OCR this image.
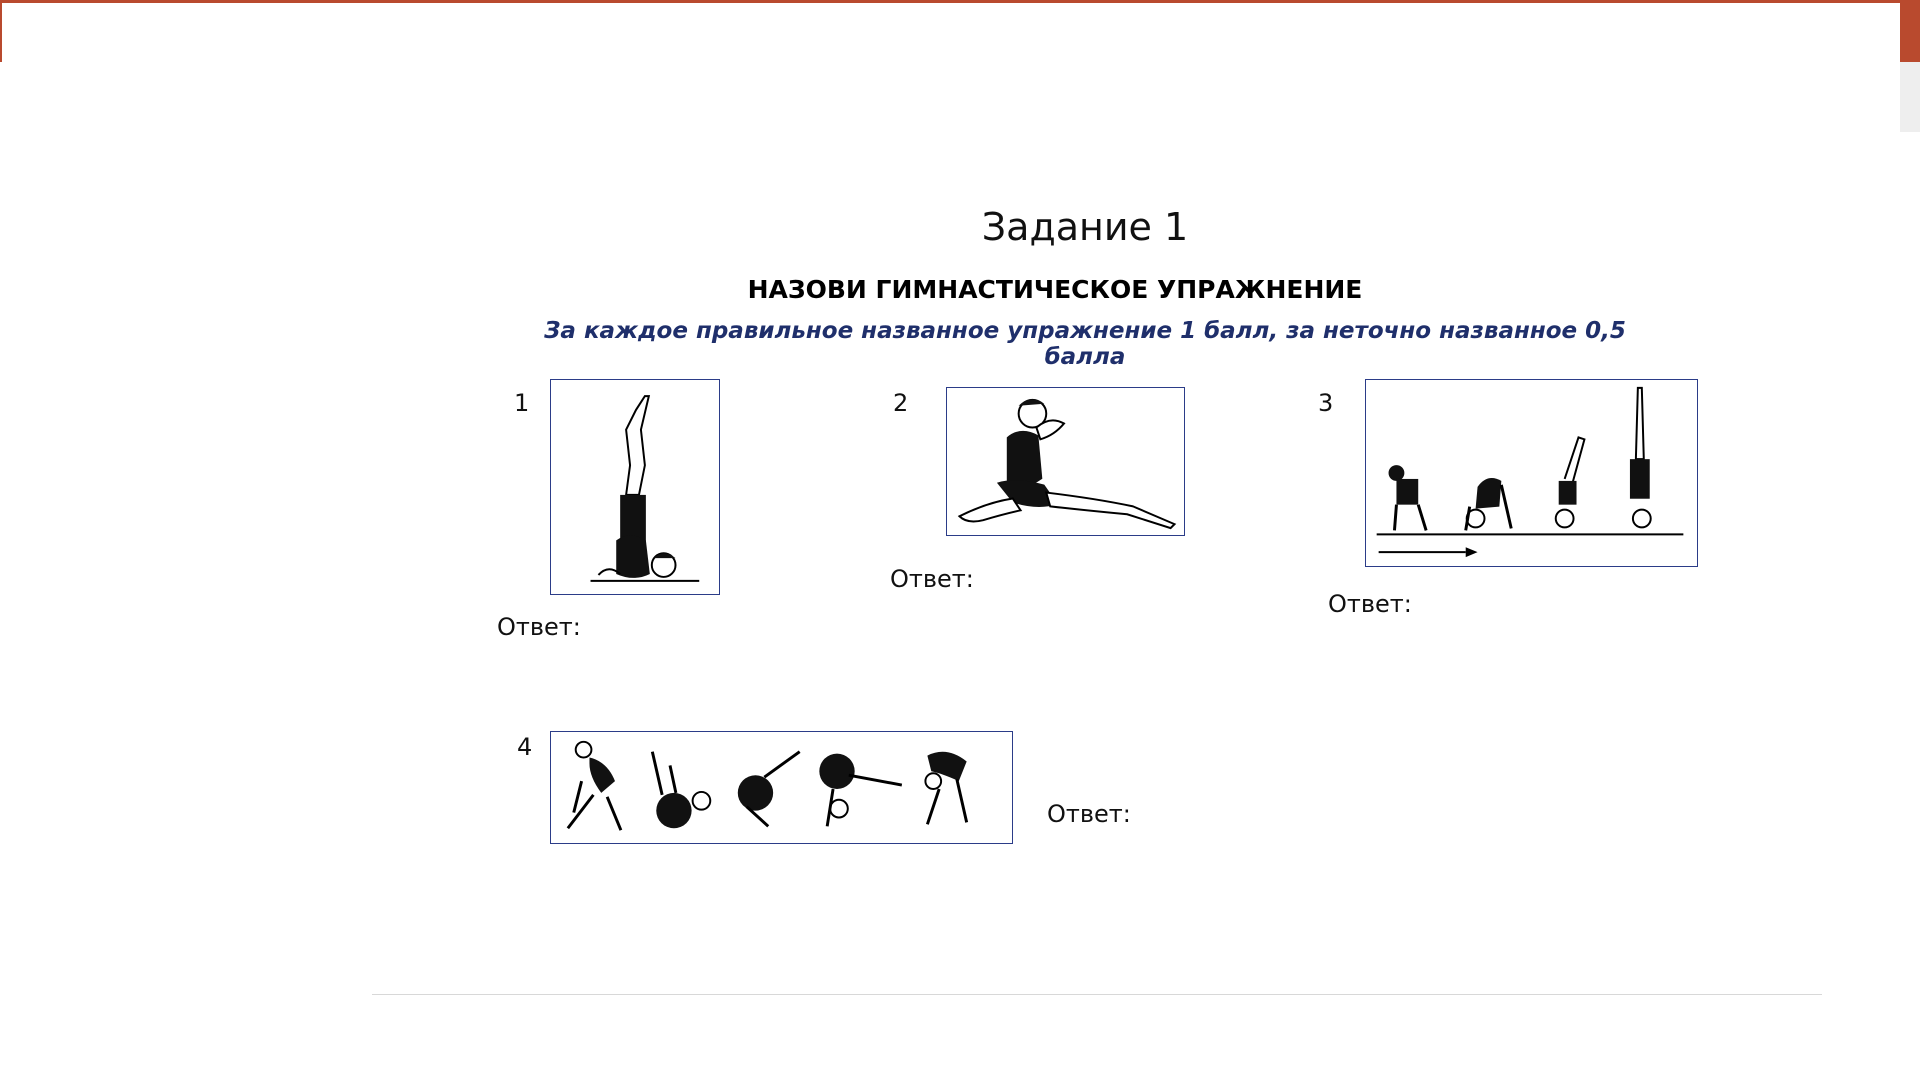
Задание 1
НАЗОВИ ГИМНАСТИЧЕСКОЕ УПРАЖНЕНИЕ
За каждое правильное названное упражнение 1 балл, за неточно названное 0,5 балла
1
Ответ:
2
Ответ:
3
Ответ:
4
Ответ:
